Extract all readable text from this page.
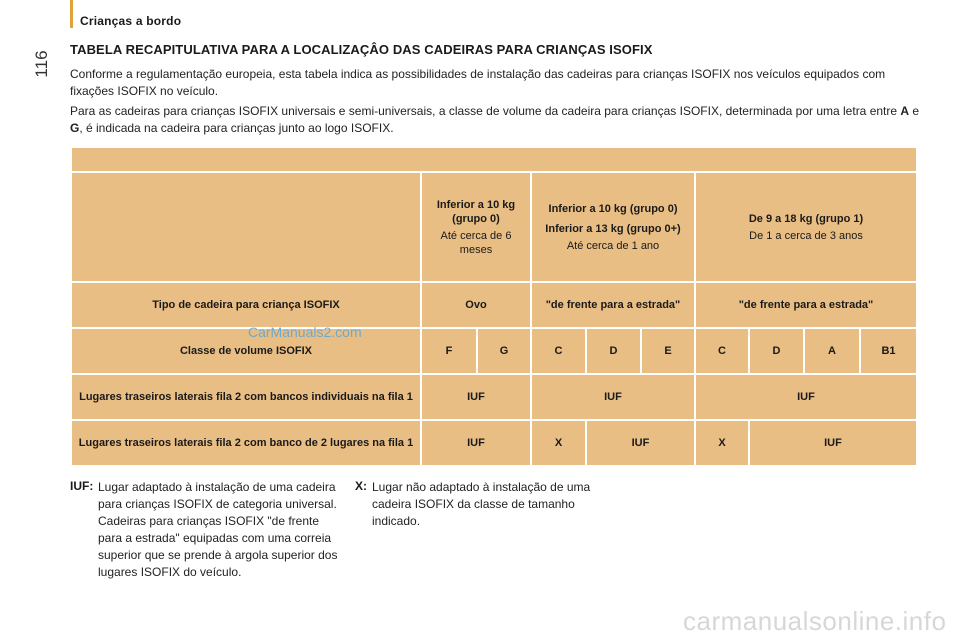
116
Crianças a bordo
TABELA RECAPITULATIVA PARA A LOCALIZAÇÂO DAS CADEIRAS PARA CRIANÇAS ISOFIX

Conforme a regulamentação europeia, esta tabela indica as possibilidades de instalação das cadeiras para crianças ISOFIX nos veículos equipados com fixações ISOFIX no veículo.

Para as cadeiras para crianças ISOFIX universais e semi-universais, a classe de volume da cadeira para crianças ISOFIX, determinada por uma letra entre A e G, é indicada na cadeira para crianças junto ao logo ISOFIX.

	Inferior a 10 kg (grupo 0)
Até cerca de 6 meses		Inferior a 10 kg (grupo 0)
Inferior a 13 kg (grupo 0+)
Até cerca de 1 ano			De 9 a 18 kg (grupo 1)
De 1 a cerca de 3 anos			

Tipo de cadeira para criança ISOFIX	Ovo		"de frente para a estrada"			"de frente para a estrada"			
Classe de volume ISOFIX	F	G	C	D	E	C	D	A	B1
Lugares traseiros laterais fila 2 com bancos individuais na fila 1	IUF		IUF			IUF			
Lugares traseiros laterais fila 2 com banco de 2 lugares na fila 1	IUF		X	IUF		X	IUF		
IUF: Lugar adaptado à instalação de uma cadeira para crianças ISOFIX de categoria universal. Cadeiras para crianças ISOFIX "de frente para a estrada" equipadas com uma correia superior que se prende à argola superior dos lugares ISOFIX do veículo.

X: Lugar não adaptado à instalação de uma cadeira ISOFIX da classe de tamanho indicado.

CarManuals2.com
carmanualsonline.info
